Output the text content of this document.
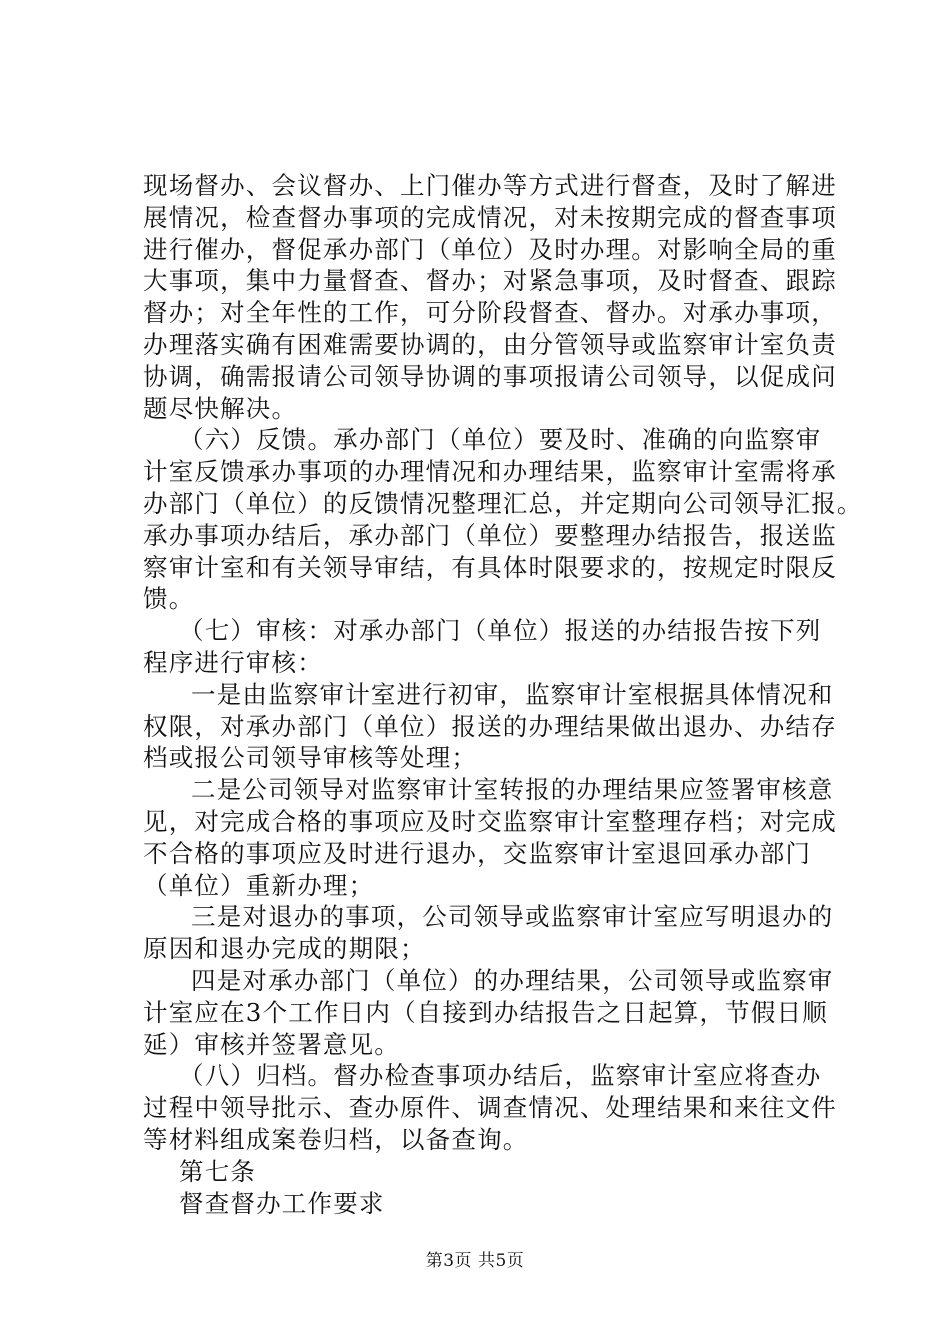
现场督办、会议督办、上门催办等方式进行督查，及时了解进
展情况，检查督办事项的完成情况，对未按期完成的督查事项
进行催办，督促承办部门（单位）及时办理。对影响全局的重
大事项，集中力量督查、督办；对紧急事项，及时督查、跟踪
督办；对全年性的工作，可分阶段督查、督办。对承办事项，
办理落实确有困难需要协调的，由分管领导或监察审计室负责
协调，确需报请公司领导协调的事项报请公司领导，以促成问
题尽快解决。
（六）反馈。承办部门（单位）要及时、准确的向监察审
计室反馈承办事项的办理情况和办理结果，监察审计室需将承
办部门（单位）的反馈情况整理汇总，并定期向公司领导汇报。
承办事项办结后，承办部门（单位）要整理办结报告，报送监
察审计室和有关领导审结，有具体时限要求的，按规定时限反
馈。
（七）审核：对承办部门（单位）报送的办结报告按下列
程序进行审核：
一是由监察审计室进行初审，监察审计室根据具体情况和
权限，对承办部门（单位）报送的办理结果做出退办、办结存
档或报公司领导审核等处理；
二是公司领导对监察审计室转报的办理结果应签署审核意
见，对完成合格的事项应及时交监察审计室整理存档；对完成
不合格的事项应及时进行退办，交监察审计室退回承办部门
（单位）重新办理；
三是对退办的事项，公司领导或监察审计室应写明退办的
原因和退办完成的期限；
四是对承办部门（单位）的办理结果，公司领导或监察审
计室应在3个工作日内（自接到办结报告之日起算，节假日顺
延）审核并签署意见。
（八）归档。督办检查事项办结后，监察审计室应将查办
过程中领导批示、查办原件、调查情况、处理结果和来往文件
等材料组成案卷归档，以备查询。
第七条
督查督办工作要求
第3页 共5页
